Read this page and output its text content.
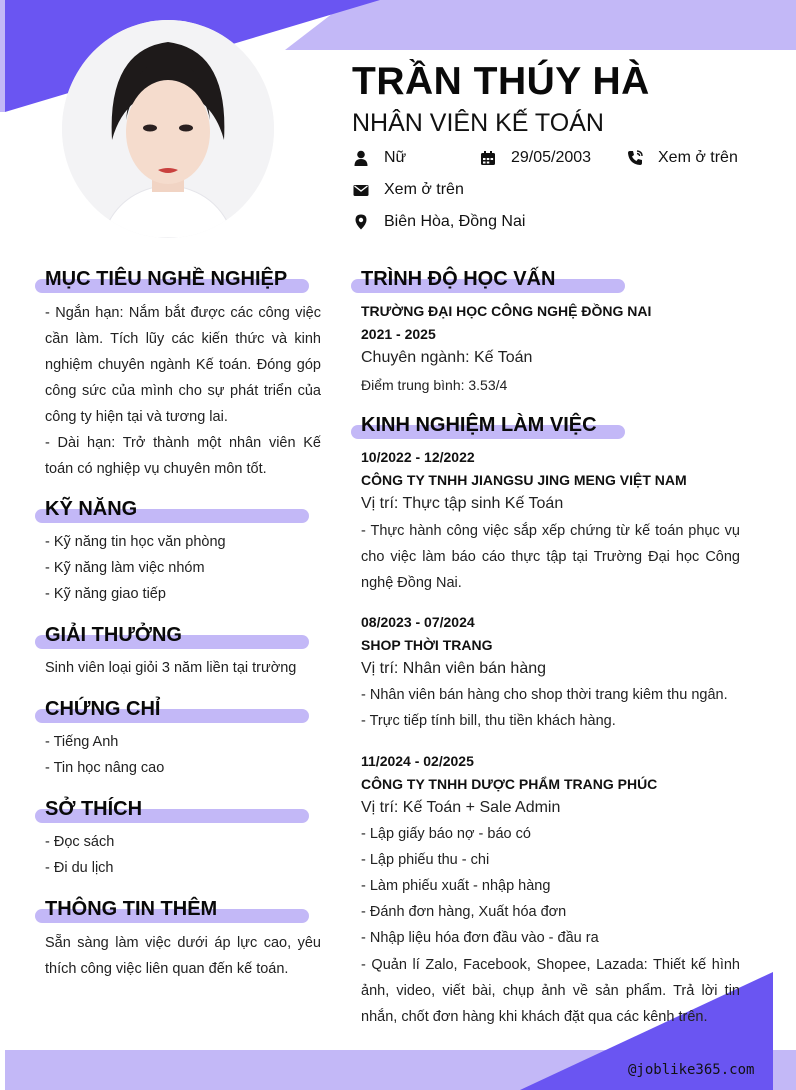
TRẦN THÚY HÀ
NHÂN VIÊN KẾ TOÁN
Nữ	29/05/2003	Xem ở trên
Xem ở trên
Biên Hòa, Đồng Nai
MỤC TIÊU NGHỀ NGHIỆP
- Ngắn hạn: Nắm bắt được các công việc cần làm. Tích lũy các kiến thức và kinh nghiệm chuyên ngành Kế toán. Đóng góp công sức của mình cho sự phát triển của công ty hiện tại và tương lai.
- Dài hạn: Trở thành một nhân viên Kế toán có nghiệp vụ chuyên môn tốt.
KỸ NĂNG
- Kỹ năng tin học văn phòng
- Kỹ năng làm việc nhóm
- Kỹ năng giao tiếp
GIẢI THƯỞNG
Sinh viên loại giỏi 3 năm liền tại trường
CHỨNG CHỈ
- Tiếng Anh
- Tin học nâng cao
SỞ THÍCH
- Đọc sách
- Đi du lịch
THÔNG TIN THÊM
Sẵn sàng làm việc dưới áp lực cao, yêu thích công việc liên quan đến kế toán.
TRÌNH ĐỘ HỌC VẤN
TRƯỜNG ĐẠI HỌC CÔNG NGHỆ ĐỒNG NAI
2021 - 2025
Chuyên ngành: Kế Toán
Điểm trung bình: 3.53/4
KINH NGHIỆM LÀM VIỆC
10/2022 - 12/2022
CÔNG TY TNHH JIANGSU JING MENG VIỆT NAM
Vị trí: Thực tập sinh Kế Toán
- Thực hành công việc sắp xếp chứng từ kế toán phục vụ cho việc làm báo cáo thực tập tại Trường Đại học Công nghệ Đồng Nai.
08/2023 - 07/2024
SHOP THỜI TRANG
Vị trí: Nhân viên bán hàng
- Nhân viên bán hàng cho shop thời trang kiêm thu ngân.
- Trực tiếp tính bill, thu tiền khách hàng.
11/2024 - 02/2025
CÔNG TY TNHH DƯỢC PHẨM TRANG PHÚC
Vị trí: Kế Toán + Sale Admin
- Lập giấy báo nợ - báo có
- Lập phiếu thu - chi
- Làm phiếu xuất - nhập hàng
- Đánh đơn hàng, Xuất hóa đơn
- Nhập liệu hóa đơn đầu vào - đầu ra
- Quản lí Zalo, Facebook, Shopee, Lazada: Thiết kế hình ảnh, video, viết bài, chụp ảnh về sản phẩm. Trả lời tin nhắn, chốt đơn hàng khi khách đặt qua các kênh trên.
@joblike365.com
